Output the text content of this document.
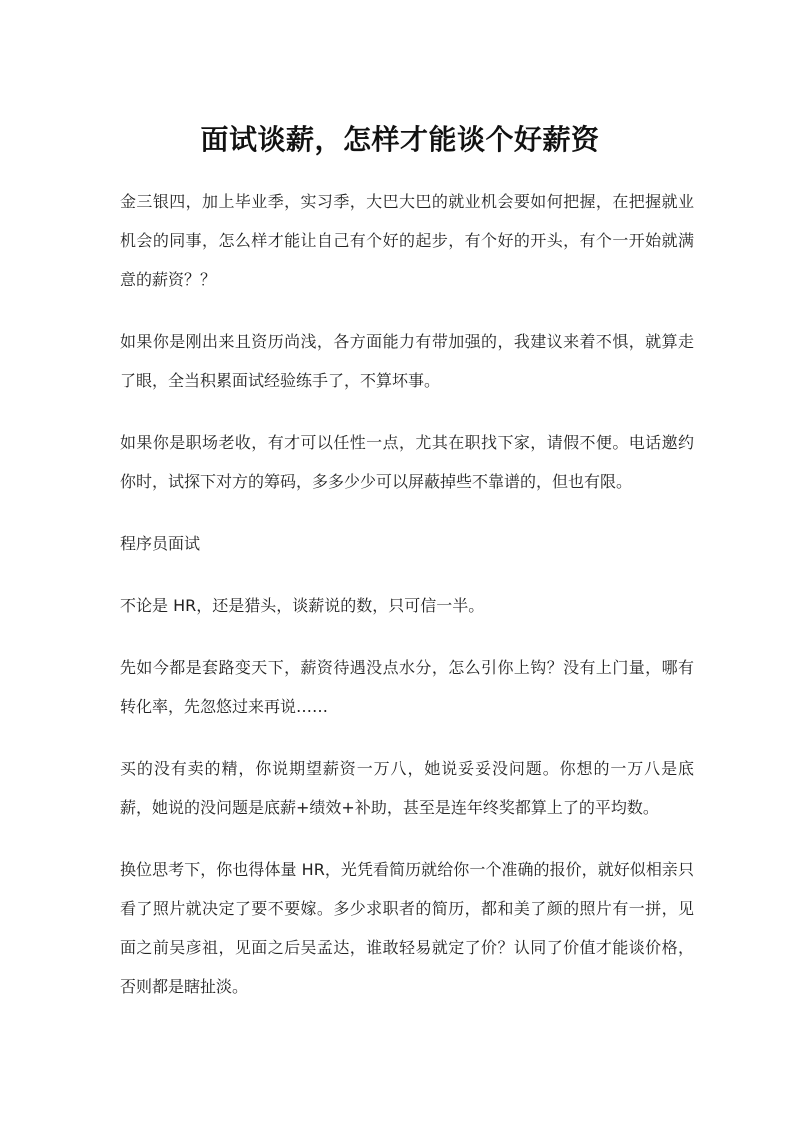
面试谈薪，怎样才能谈个好薪资

金三银四，加上毕业季，实习季，大巴大巴的就业机会要如何把握，在把握就业机会的同事，怎么样才能让自己有个好的起步，有个好的开头，有个一开始就满意的薪资？？

如果你是刚出来且资历尚浅，各方面能力有带加强的，我建议来着不惧，就算走了眼，全当积累面试经验练手了，不算坏事。

如果你是职场老收，有才可以任性一点，尤其在职找下家，请假不便。电话邀约你时，试探下对方的筹码，多多少少可以屏蔽掉些不靠谱的，但也有限。

程序员面试

不论是 HR，还是猎头，谈薪说的数，只可信一半。

先如今都是套路变天下，薪资待遇没点水分，怎么引你上钩？没有上门量，哪有转化率，先忽悠过来再说……

买的没有卖的精，你说期望薪资一万八，她说妥妥没问题。你想的一万八是底薪，她说的没问题是底薪+绩效+补助，甚至是连年终奖都算上了的平均数。

换位思考下，你也得体量 HR，光凭看简历就给你一个准确的报价，就好似相亲只看了照片就决定了要不要嫁。多少求职者的简历，都和美了颜的照片有一拼，见面之前吴彦祖，见面之后吴孟达，谁敢轻易就定了价？认同了价值才能谈价格，否则都是瞎扯淡。
